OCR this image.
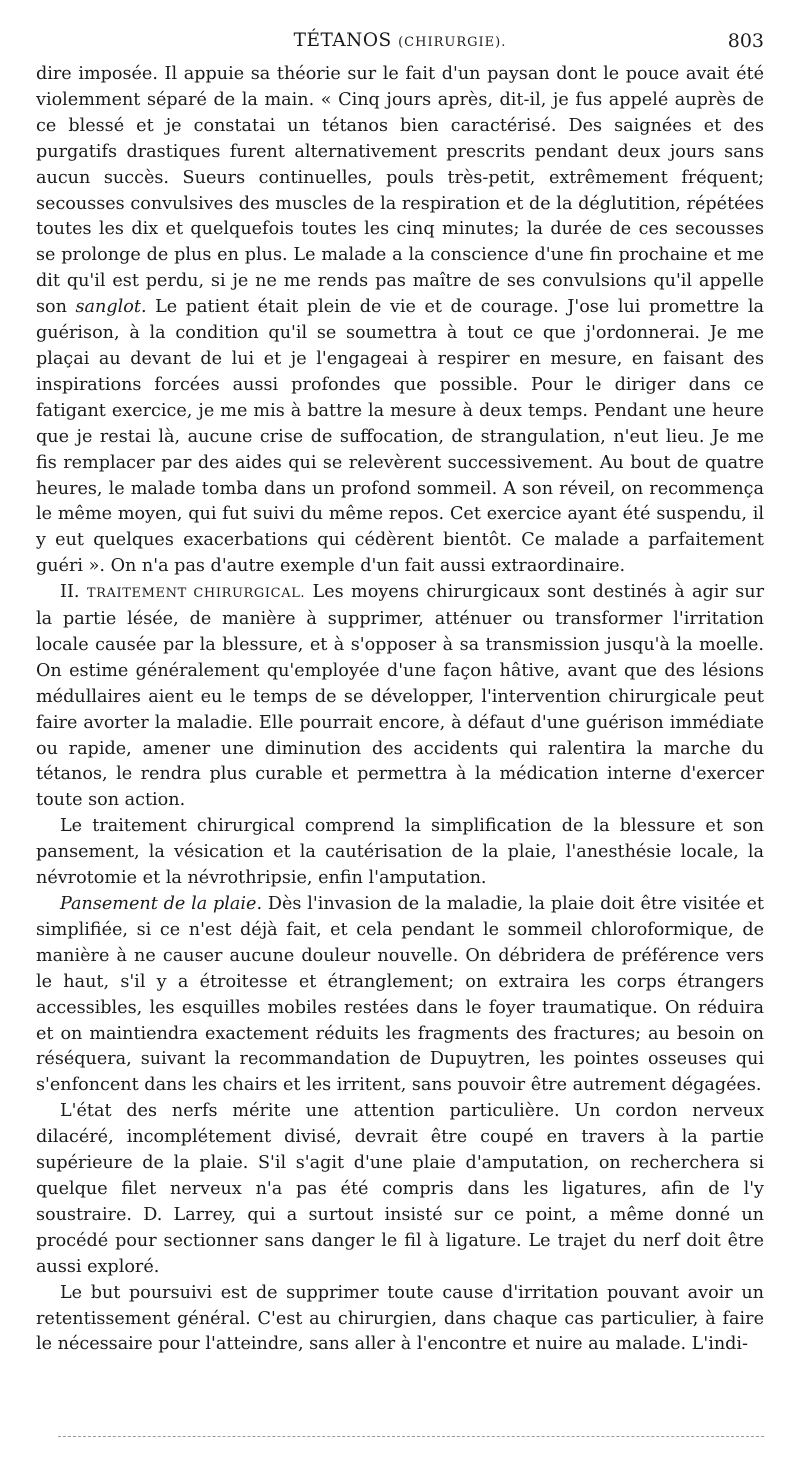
TÉTANOS (CHIRURGIE).	803

dire imposée. Il appuie sa théorie sur le fait d'un paysan dont le pouce avait été violemment séparé de la main. « Cinq jours après, dit-il, je fus appelé auprès de ce blessé et je constatai un tétanos bien caractérisé. Des saignées et des purgatifs drastiques furent alternativement prescrits pendant deux jours sans aucun succès. Sueurs continuelles, pouls très-petit, extrêmement fréquent; secousses convulsives des muscles de la respiration et de la déglutition, répétées toutes les dix et quelquefois toutes les cinq minutes; la durée de ces secousses se prolonge de plus en plus. Le malade a la conscience d'une fin prochaine et me dit qu'il est perdu, si je ne me rends pas maître de ses convulsions qu'il appelle son sanglot. Le patient était plein de vie et de courage. J'ose lui promettre la guérison, à la condition qu'il se soumettra à tout ce que j'ordonnerai. Je me plaçai au devant de lui et je l'engageai à respirer en mesure, en faisant des inspirations forcées aussi profondes que possible. Pour le diriger dans ce fatigant exercice, je me mis à battre la mesure à deux temps. Pendant une heure que je restai là, aucune crise de suffocation, de strangulation, n'eut lieu. Je me fis remplacer par des aides qui se relevèrent successivement. Au bout de quatre heures, le malade tomba dans un profond sommeil. A son réveil, on recommença le même moyen, qui fut suivi du même repos. Cet exercice ayant été suspendu, il y eut quelques exacerbations qui cédèrent bientôt. Ce malade a parfaitement guéri ». On n'a pas d'autre exemple d'un fait aussi extraordinaire.

II. TRAITEMENT CHIRURGICAL. Les moyens chirurgicaux sont destinés à agir sur la partie lésée, de manière à supprimer, atténuer ou transformer l'irritation locale causée par la blessure, et à s'opposer à sa transmission jusqu'à la moelle. On estime généralement qu'employée d'une façon hâtive, avant que des lésions médullaires aient eu le temps de se développer, l'intervention chirurgicale peut faire avorter la maladie. Elle pourrait encore, à défaut d'une guérison immédiate ou rapide, amener une diminution des accidents qui ralentira la marche du tétanos, le rendra plus curable et permettra à la médication interne d'exercer toute son action.

Le traitement chirurgical comprend la simplification de la blessure et son pansement, la vésication et la cautérisation de la plaie, l'anesthésie locale, la névrotomie et la névrothripsie, enfin l'amputation.

Pansement de la plaie. Dès l'invasion de la maladie, la plaie doit être visitée et simplifiée, si ce n'est déjà fait, et cela pendant le sommeil chloroformique, de manière à ne causer aucune douleur nouvelle. On débridera de préférence vers le haut, s'il y a étroitesse et étranglement; on extraira les corps étrangers accessibles, les esquilles mobiles restées dans le foyer traumatique. On réduira et on maintiendra exactement réduits les fragments des fractures; au besoin on réséquera, suivant la recommandation de Dupuytren, les pointes osseuses qui s'enfoncent dans les chairs et les irritent, sans pouvoir être autrement dégagées.

L'état des nerfs mérite une attention particulière. Un cordon nerveux dilacéré, incomplétement divisé, devrait être coupé en travers à la partie supérieure de la plaie. S'il s'agit d'une plaie d'amputation, on recherchera si quelque filet nerveux n'a pas été compris dans les ligatures, afin de l'y soustraire. D. Larrey, qui a surtout insisté sur ce point, a même donné un procédé pour sectionner sans danger le fil à ligature. Le trajet du nerf doit être aussi exploré.

Le but poursuivi est de supprimer toute cause d'irritation pouvant avoir un retentissement général. C'est au chirurgien, dans chaque cas particulier, à faire le nécessaire pour l'atteindre, sans aller à l'encontre et nuire au malade. L'indi-
